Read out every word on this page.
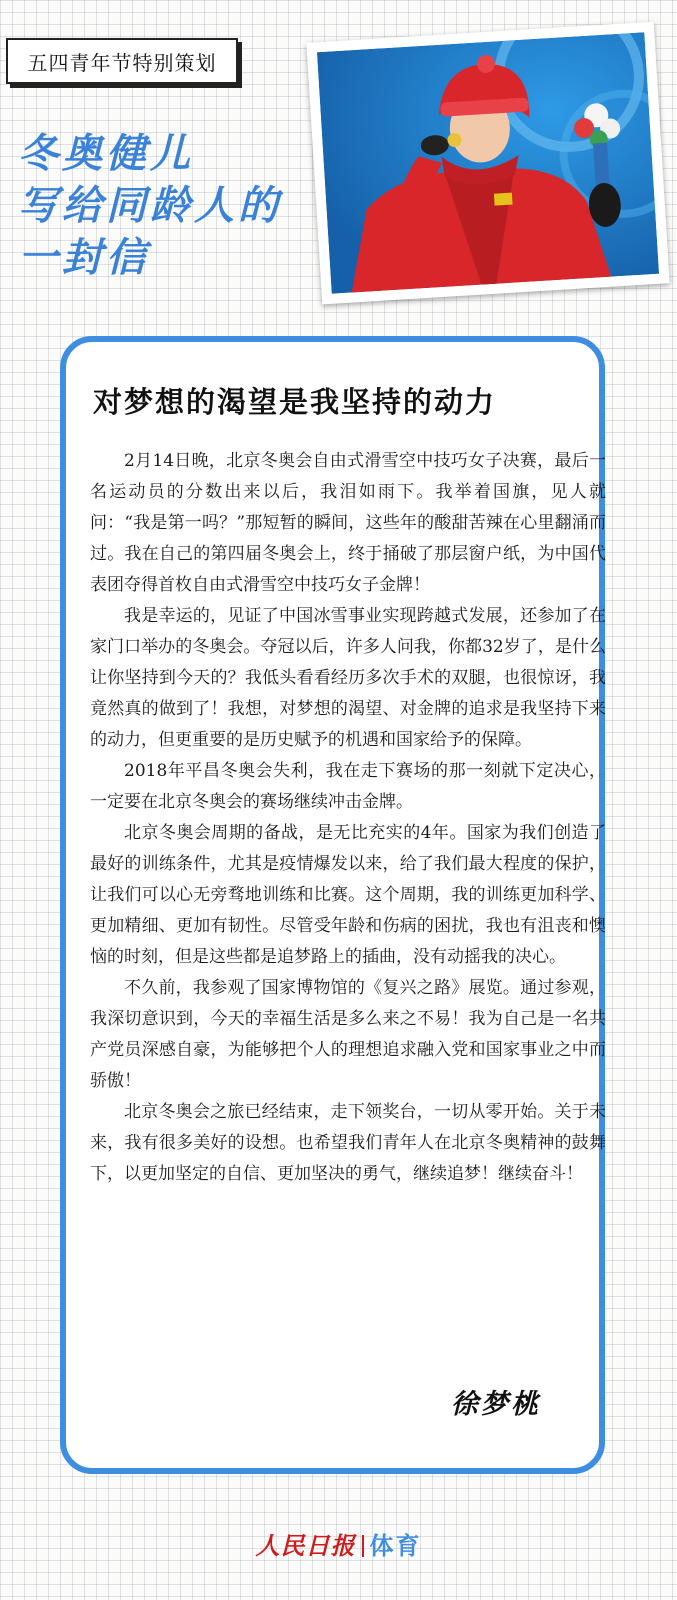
五四青年节特别策划
冬奥健儿
写给同龄人的
一封信
对梦想的渴望是我坚持的动力

2月14日晚，北京冬奥会自由式滑雪空中技巧女子决赛，最后一名运动员的分数出来以后，我泪如雨下。我举着国旗，见人就问：“我是第一吗？”那短暂的瞬间，这些年的酸甜苦辣在心里翻涌而过。我在自己的第四届冬奥会上，终于捅破了那层窗户纸，为中国代表团夺得首枚自由式滑雪空中技巧女子金牌！

我是幸运的，见证了中国冰雪事业实现跨越式发展，还参加了在家门口举办的冬奥会。夺冠以后，许多人问我，你都32岁了，是什么让你坚持到今天的？我低头看看经历多次手术的双腿，也很惊讶，我竟然真的做到了！我想，对梦想的渴望、对金牌的追求是我坚持下来的动力，但更重要的是历史赋予的机遇和国家给予的保障。

2018年平昌冬奥会失利，我在走下赛场的那一刻就下定决心，一定要在北京冬奥会的赛场继续冲击金牌。

北京冬奥会周期的备战，是无比充实的4年。国家为我们创造了最好的训练条件，尤其是疫情爆发以来，给了我们最大程度的保护，让我们可以心无旁骛地训练和比赛。这个周期，我的训练更加科学、更加精细、更加有韧性。尽管受年龄和伤病的困扰，我也有沮丧和懊恼的时刻，但是这些都是追梦路上的插曲，没有动摇我的决心。

不久前，我参观了国家博物馆的《复兴之路》展览。通过参观，我深切意识到，今天的幸福生活是多么来之不易！我为自己是一名共产党员深感自豪，为能够把个人的理想追求融入党和国家事业之中而骄傲！

北京冬奥会之旅已经结束，走下领奖台，一切从零开始。关于未来，我有很多美好的设想。也希望我们青年人在北京冬奥精神的鼓舞下，以更加坚定的自信、更加坚决的勇气，继续追梦！继续奋斗！

徐梦桃
人民日报 体育
